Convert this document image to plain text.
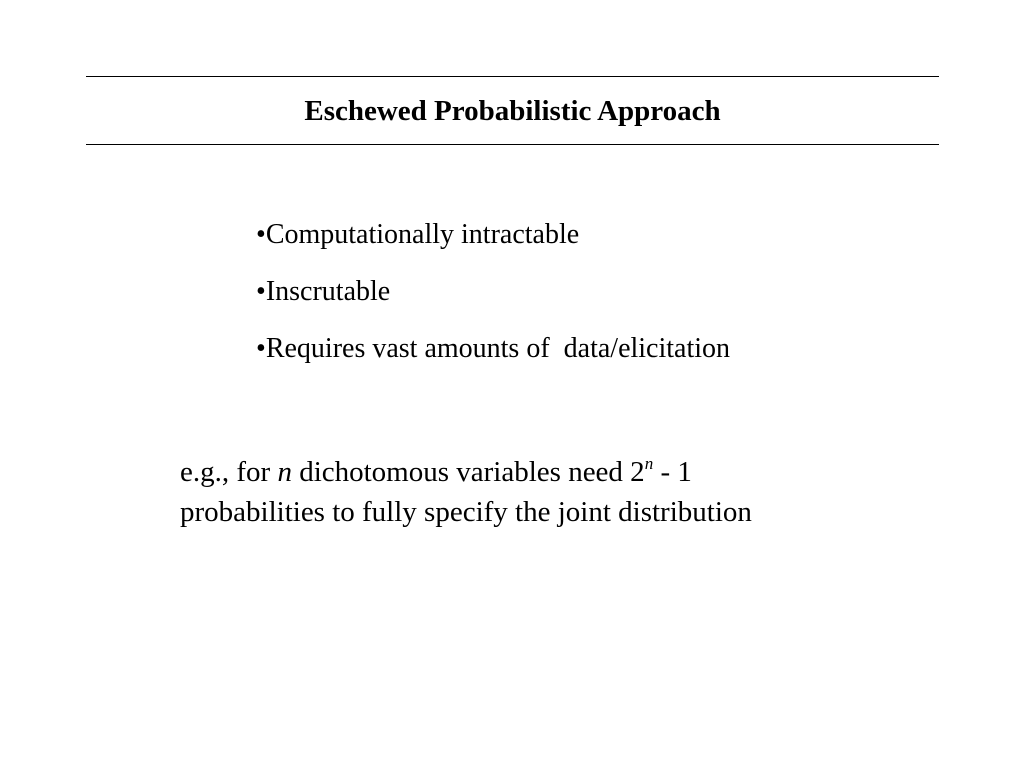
Eschewed Probabilistic Approach
•Computationally intractable
•Inscrutable
•Requires vast amounts of  data/elicitation
e.g., for n dichotomous variables need 2$^n$ - 1
probabilities to fully specify the joint distribution
